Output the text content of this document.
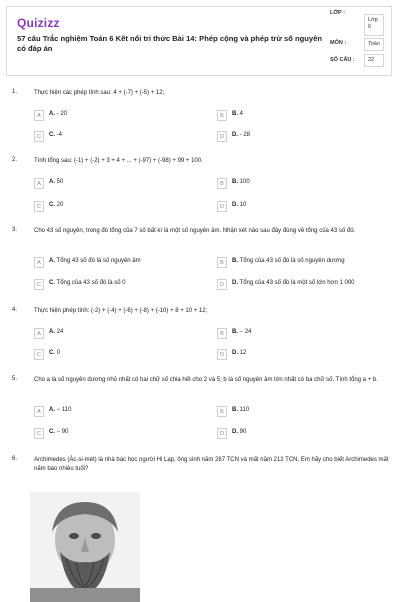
Quizizz
57 câu Trắc nghiệm Toán 6 Kết nối tri thức Bài 14: Phép cộng và phép trừ số nguyên có đáp án
LỚP :
Lớp 6
MÔN :	Toán
SỐ CÂU :	22
1.	Thực hiện các phép tính sau: 4 + (-7) + (-5) + 12;
A	A. - 20	B	B. 4
C	C. -4	D	D. - 28
2.	Tính tổng sau: (-1) + (-2) + 3 + 4 + ... + (-97) + (-98) + 99 + 100.
A	A. 50	B	B. 100
C	C. 20	D	D. 10
3.	Cho 43 số nguyên, trong đó tổng của 7 số bất kì là một số nguyên âm. Nhận xét nào sau đây đúng về tổng của 43 số đó.
A	A. Tổng 43 số đó là số nguyên âm	B	B. Tổng của 43 số đó là số nguyên dương
C	C. Tổng của 43 số đó là số 0	D	D. Tổng của 43 số đó là một số lớn hơn 1 000
4.	Thực hiện phép tính: (-2) + (-4) + (-6) + (-8) + (-10) + 8 + 10 + 12;
A	A. 24	B	B. − 24
C	C. 0	D	D. 12
5.	Cho a là số nguyên dương nhỏ nhất có hai chữ số chia hết cho 2 và 5; b là số nguyên âm lớn nhất có ba chữ số. Tính tổng a + b.
A	A. − 110	B	B. 110
C	C. − 90	D	D. 90
6.	Archimedes (Ác-si-mét) là nhà bác học người Hi Lạp, ông sinh năm 287 TCN và mất năm 212 TCN. Em hãy cho biết Archimedes mất năm bao nhiêu tuổi?
